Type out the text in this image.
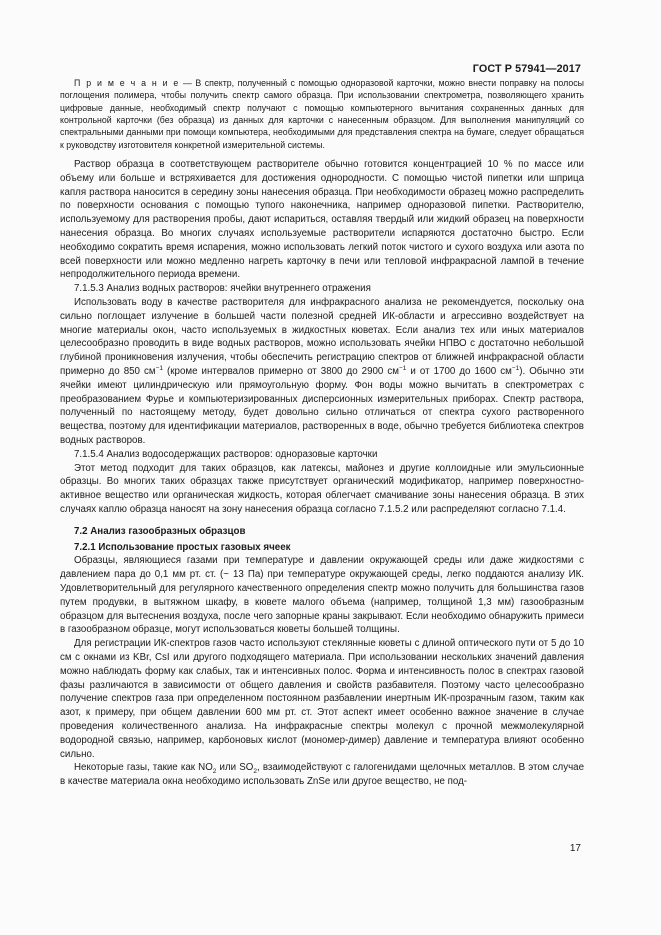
ГОСТ Р 57941—2017

П р и м е ч а н и е — В спектр, полученный с помощью одноразовой карточки, можно внести поправку на полосы поглощения полимера, чтобы получить спектр самого образца. При использовании спектрометра, позволяющего хранить цифровые данные, необходимый спектр получают с помощью компьютерного вычитания сохраненных данных для контрольной карточки (без образца) из данных для карточки с нанесенным образцом. Для выполнения манипуляций со спектральными данными при помощи компьютера, необходимыми для представления спектра на бумаге, следует обращаться к руководству изготовителя конкретной измерительной системы.

Раствор образца в соответствующем растворителе обычно готовится концентрацией 10 % по массе или объему или больше и встряхивается для достижения однородности. С помощью чистой пипетки или шприца капля раствора наносится в середину зоны нанесения образца. При необходимости образец можно распределить по поверхности основания с помощью тупого наконечника, например одноразовой пипетки. Растворителю, используемому для растворения пробы, дают испариться, оставляя твердый или жидкий образец на поверхности нанесения образца. Во многих случаях используемые растворители испаряются достаточно быстро. Если необходимо сократить время испарения, можно использовать легкий поток чистого и сухого воздуха или азота по всей поверхности или можно медленно нагреть карточку в печи или тепловой инфракрасной лампой в течение непродолжительного периода времени.

7.1.5.3 Анализ водных растворов: ячейки внутреннего отражения

Использовать воду в качестве растворителя для инфракрасного анализа не рекомендуется, поскольку она сильно поглощает излучение в большей части полезной средней ИК-области и агрессивно воздействует на многие материалы окон, часто используемых в жидкостных кюветах. Если анализ тех или иных материалов целесообразно проводить в виде водных растворов, можно использовать ячейки НПВО с достаточно небольшой глубиной проникновения излучения, чтобы обеспечить регистрацию спектров от ближней инфракрасной области примерно до 850 $см^{-1}$ (кроме интервалов примерно от 3800 до 2900 $см^{-1}$ и от 1700 до 1600 $см^{-1}$). Обычно эти ячейки имеют цилиндрическую или прямоугольную форму. Фон воды можно вычитать в спектрометрах с преобразованием Фурье и компьютеризированных дисперсионных измерительных приборах. Спектр раствора, полученный по настоящему методу, будет довольно сильно отличаться от спектра сухого растворенного вещества, поэтому для идентификации материалов, растворенных в воде, обычно требуется библиотека спектров водных растворов.

7.1.5.4 Анализ водосодержащих растворов: одноразовые карточки

Этот метод подходит для таких образцов, как латексы, майонез и другие коллоидные или эмульсионные образцы. Во многих таких образцах также присутствует органический модификатор, например поверхностно-активное вещество или органическая жидкость, которая облегчает смачивание зоны нанесения образца. В этих случаях каплю образца наносят на зону нанесения образца согласно 7.1.5.2 или распределяют согласно 7.1.4.

7.2 Анализ газообразных образцов

7.2.1 Использование простых газовых ячеек

Образцы, являющиеся газами при температуре и давлении окружающей среды или даже жидкостями с давлением пара до 0,1 мм рт. ст. (~ 13 Па) при температуре окружающей среды, легко поддаются анализу ИК. Удовлетворительный для регулярного качественного определения спектр можно получить для большинства газов путем продувки, в вытяжном шкафу, в кювете малого объема (например, толщиной 1,3 мм) газообразным образцом для вытеснения воздуха, после чего запорные краны закрывают. Если необходимо обнаружить примеси в газообразном образце, могут использоваться кюветы большей толщины.

Для регистрации ИК-спектров газов часто используют стеклянные кюветы с длиной оптического пути от 5 до 10 см с окнами из KBr, CsI или другого подходящего материала. При использовании нескольких значений давления можно наблюдать форму как слабых, так и интенсивных полос. Форма и интенсивность полос в спектрах газовой фазы различаются в зависимости от общего давления и свойств разбавителя. Поэтому часто целесообразно получение спектров газа при определенном постоянном разбавлении инертным ИК-прозрачным газом, таким как азот, к примеру, при общем давлении 600 мм рт. ст. Этот аспект имеет особенно важное значение в случае проведения количественного анализа. На инфракрасные спектры молекул с прочной межмолекулярной водородной связью, например, карбоновых кислот (мономер-димер) давление и температура влияют особенно сильно.

Некоторые газы, такие как $NO_2$ или $SO_2$, взаимодействуют с галогенидами щелочных металлов. В этом случае в качестве материала окна необходимо использовать ZnSe или другое вещество, не под-

17
